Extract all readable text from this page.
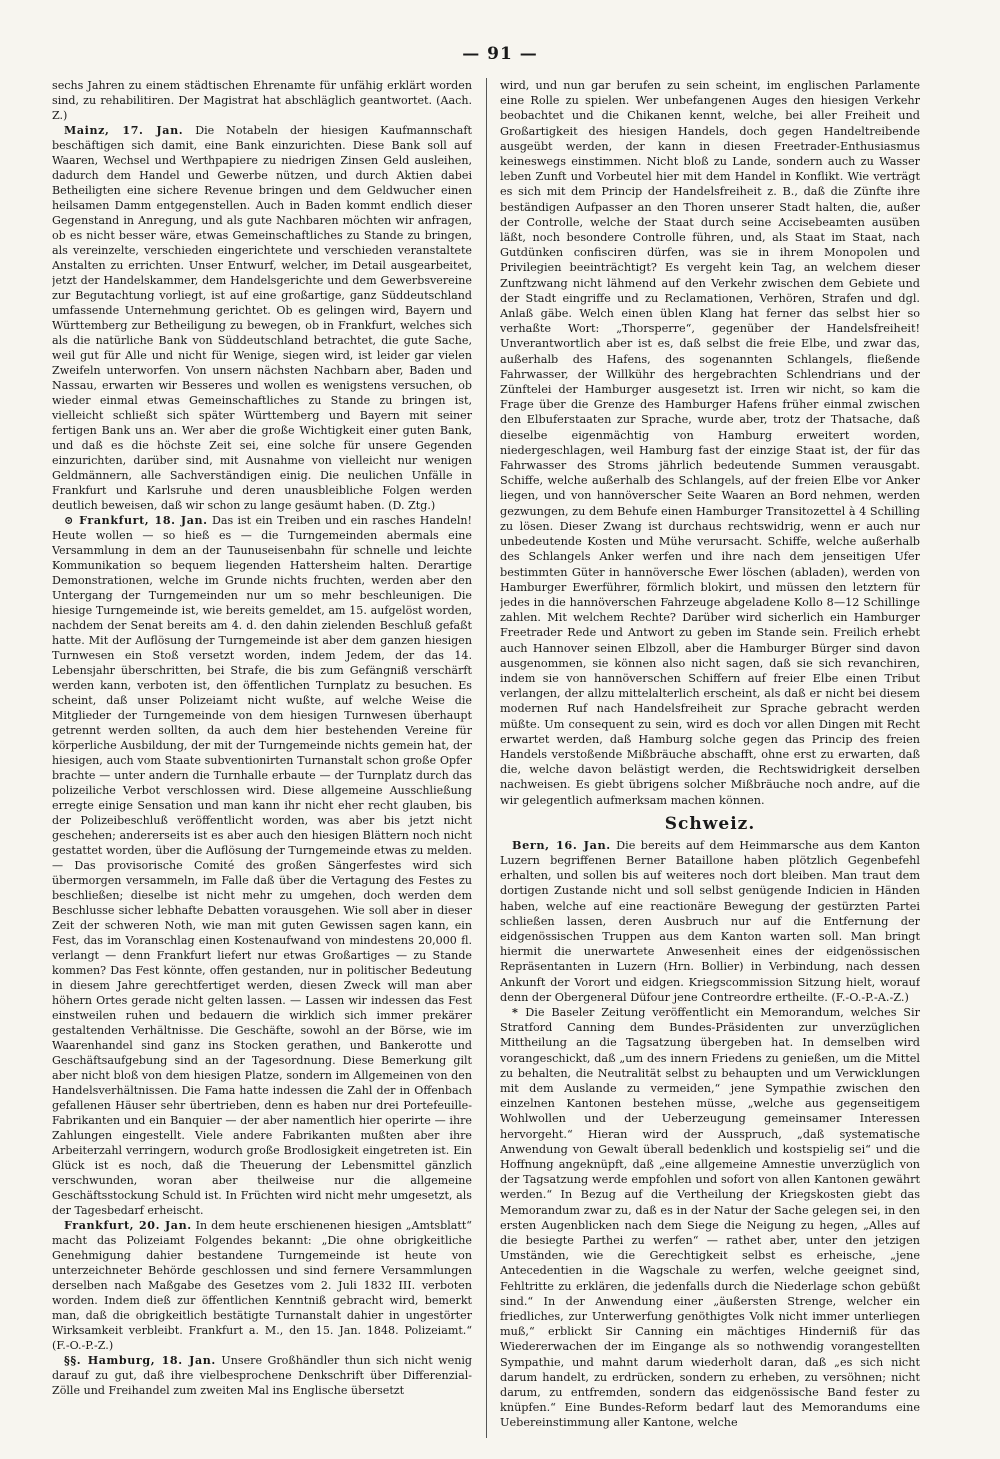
— 91 —

sechs Jahren zu einem städtischen Ehrenamte für unfähig erklärt worden sind, zu rehabilitiren. Der Magistrat hat abschläglich geantwortet. (Aach. Z.)

Mainz, 17. Jan. Die Notabeln der hiesigen Kaufmannschaft beschäftigen sich damit, eine Bank einzurichten. Diese Bank soll auf Waaren, Wechsel und Werthpapiere zu niedrigen Zinsen Geld ausleihen, dadurch dem Handel und Gewerbe nützen, und durch Aktien dabei Betheiligten eine sichere Revenue bringen und dem Geldwucher einen heilsamen Damm entgegenstellen. Auch in Baden kommt endlich dieser Gegenstand in Anregung, und als gute Nachbaren möchten wir anfragen, ob es nicht besser wäre, etwas Gemeinschaftliches zu Stande zu bringen, als vereinzelte, verschieden eingerichtete und verschieden veranstaltete Anstalten zu errichten. Unser Entwurf, welcher, im Detail ausgearbeitet, jetzt der Handelskammer, dem Handelsgerichte und dem Gewerbsvereine zur Begutachtung vorliegt, ist auf eine großartige, ganz Süddeutschland umfassende Unternehmung gerichtet. Ob es gelingen wird, Bayern und Württemberg zur Betheiligung zu bewegen, ob in Frankfurt, welches sich als die natürliche Bank von Süddeutschland betrachtet, die gute Sache, weil gut für Alle und nicht für Wenige, siegen wird, ist leider gar vielen Zweifeln unterworfen. Von unsern nächsten Nachbarn aber, Baden und Nassau, erwarten wir Besseres und wollen es wenigstens versuchen, ob wieder einmal etwas Gemeinschaftliches zu Stande zu bringen ist, vielleicht schließt sich später Württemberg und Bayern mit seiner fertigen Bank uns an. Wer aber die große Wichtigkeit einer guten Bank, und daß es die höchste Zeit sei, eine solche für unsere Gegenden einzurichten, darüber sind, mit Ausnahme von vielleicht nur wenigen Geldmännern, alle Sachverständigen einig. Die neulichen Unfälle in Frankfurt und Karlsruhe und deren unausbleibliche Folgen werden deutlich beweisen, daß wir schon zu lange gesäumt haben. (D. Ztg.)

⊙ Frankfurt, 18. Jan. Das ist ein Treiben und ein rasches Handeln! Heute wollen — so hieß es — die Turngemeinden abermals eine Versammlung in dem an der Taunuseisenbahn für schnelle und leichte Kommunikation so bequem liegenden Hattersheim halten. Derartige Demonstrationen, welche im Grunde nichts fruchten, werden aber den Untergang der Turngemeinden nur um so mehr beschleunigen. Die hiesige Turngemeinde ist, wie bereits gemeldet, am 15. aufgelöst worden, nachdem der Senat bereits am 4. d. den dahin zielenden Beschluß gefaßt hatte. Mit der Auflösung der Turngemeinde ist aber dem ganzen hiesigen Turnwesen ein Stoß versetzt worden, indem Jedem, der das 14. Lebensjahr überschritten, bei Strafe, die bis zum Gefängniß verschärft werden kann, verboten ist, den öffentlichen Turnplatz zu besuchen. Es scheint, daß unser Polizeiamt nicht wußte, auf welche Weise die Mitglieder der Turngemeinde von dem hiesigen Turnwesen überhaupt getrennt werden sollten, da auch dem hier bestehenden Vereine für körperliche Ausbildung, der mit der Turngemeinde nichts gemein hat, der hiesigen, auch vom Staate subventionirten Turnanstalt schon große Opfer brachte — unter andern die Turnhalle erbaute — der Turnplatz durch das polizeiliche Verbot verschlossen wird. Diese allgemeine Ausschließung erregte einige Sensation und man kann ihr nicht eher recht glauben, bis der Polizeibeschluß veröffentlicht worden, was aber bis jetzt nicht geschehen; andererseits ist es aber auch den hiesigen Blättern noch nicht gestattet worden, über die Auflösung der Turngemeinde etwas zu melden. — Das provisorische Comité des großen Sängerfestes wird sich übermorgen versammeln, im Falle daß über die Vertagung des Festes zu beschließen; dieselbe ist nicht mehr zu umgehen, doch werden dem Beschlusse sicher lebhafte Debatten vorausgehen. Wie soll aber in dieser Zeit der schweren Noth, wie man mit guten Gewissen sagen kann, ein Fest, das im Voranschlag einen Kostenaufwand von mindestens 20,000 fl. verlangt — denn Frankfurt liefert nur etwas Großartiges — zu Stande kommen? Das Fest könnte, offen gestanden, nur in politischer Bedeutung in diesem Jahre gerechtfertiget werden, diesen Zweck will man aber höhern Ortes gerade nicht gelten lassen. — Lassen wir indessen das Fest einstweilen ruhen und bedauern die wirklich sich immer prekärer gestaltenden Verhältnisse. Die Geschäfte, sowohl an der Börse, wie im Waarenhandel sind ganz ins Stocken gerathen, und Bankerotte und Geschäftsaufgebung sind an der Tagesordnung. Diese Bemerkung gilt aber nicht bloß von dem hiesigen Platze, sondern im Allgemeinen von den Handelsverhältnissen. Die Fama hatte indessen die Zahl der in Offenbach gefallenen Häuser sehr übertrieben, denn es haben nur drei Portefeuille-Fabrikanten und ein Banquier — der aber namentlich hier operirte — ihre Zahlungen eingestellt. Viele andere Fabrikanten mußten aber ihre Arbeiterzahl verringern, wodurch große Brodlosigkeit eingetreten ist. Ein Glück ist es noch, daß die Theuerung der Lebensmittel gänzlich verschwunden, woran aber theilweise nur die allgemeine Geschäftsstockung Schuld ist. In Früchten wird nicht mehr umgesetzt, als der Tagesbedarf erheischt.

Frankfurt, 20. Jan. In dem heute erschienenen hiesigen „Amtsblatt“ macht das Polizeiamt Folgendes bekannt: „Die ohne obrigkeitliche Genehmigung dahier bestandene Turngemeinde ist heute von unterzeichneter Behörde geschlossen und sind fernere Versammlungen derselben nach Maßgabe des Gesetzes vom 2. Juli 1832 III. verboten worden. Indem dieß zur öffentlichen Kenntniß gebracht wird, bemerkt man, daß die obrigkeitlich bestätigte Turnanstalt dahier in ungestörter Wirksamkeit verbleibt. Frankfurt a. M., den 15. Jan. 1848. Polizeiamt.“ (F.-O.-P.-Z.)

§§. Hamburg, 18. Jan. Unsere Großhändler thun sich nicht wenig darauf zu gut, daß ihre vielbesprochene Denkschrift über Differenzial-Zölle und Freihandel zum zweiten Mal ins Englische übersetzt

wird, und nun gar berufen zu sein scheint, im englischen Parlamente eine Rolle zu spielen. Wer unbefangenen Auges den hiesigen Verkehr beobachtet und die Chikanen kennt, welche, bei aller Freiheit und Großartigkeit des hiesigen Handels, doch gegen Handeltreibende ausgeübt werden, der kann in diesen Freetrader-Enthusiasmus keineswegs einstimmen. Nicht bloß zu Lande, sondern auch zu Wasser leben Zunft und Vorbeutel hier mit dem Handel in Konflikt. Wie verträgt es sich mit dem Princip der Handelsfreiheit z. B., daß die Zünfte ihre beständigen Aufpasser an den Thoren unserer Stadt halten, die, außer der Controlle, welche der Staat durch seine Accisebeamten ausüben läßt, noch besondere Controlle führen, und, als Staat im Staat, nach Gutdünken confisciren dürfen, was sie in ihrem Monopolen und Privilegien beeinträchtigt? Es vergeht kein Tag, an welchem dieser Zunftzwang nicht lähmend auf den Verkehr zwischen dem Gebiete und der Stadt eingriffe und zu Reclamationen, Verhören, Strafen und dgl. Anlaß gäbe. Welch einen üblen Klang hat ferner das selbst hier so verhaßte Wort: „Thorsperre“, gegenüber der Handelsfreiheit! Unverantwortlich aber ist es, daß selbst die freie Elbe, und zwar das, außerhalb des Hafens, des sogenannten Schlangels, fließende Fahrwasser, der Willkühr des hergebrachten Schlendrians und der Zünftelei der Hamburger ausgesetzt ist. Irren wir nicht, so kam die Frage über die Grenze des Hamburger Hafens früher einmal zwischen den Elbuferstaaten zur Sprache, wurde aber, trotz der Thatsache, daß dieselbe eigenmächtig von Hamburg erweitert worden, niedergeschlagen, weil Hamburg fast der einzige Staat ist, der für das Fahrwasser des Stroms jährlich bedeutende Summen verausgabt. Schiffe, welche außerhalb des Schlangels, auf der freien Elbe vor Anker liegen, und von hannöverscher Seite Waaren an Bord nehmen, werden gezwungen, zu dem Behufe einen Hamburger Transitozettel à 4 Schilling zu lösen. Dieser Zwang ist durchaus rechtswidrig, wenn er auch nur unbedeutende Kosten und Mühe verursacht. Schiffe, welche außerhalb des Schlangels Anker werfen und ihre nach dem jenseitigen Ufer bestimmten Güter in hannöversche Ewer löschen (abladen), werden von Hamburger Ewerführer, förmlich blokirt, und müssen den letztern für jedes in die hannöverschen Fahrzeuge abgeladene Kollo 8—12 Schillinge zahlen. Mit welchem Rechte? Darüber wird sicherlich ein Hamburger Freetrader Rede und Antwort zu geben im Stande sein. Freilich erhebt auch Hannover seinen Elbzoll, aber die Hamburger Bürger sind davon ausgenommen, sie können also nicht sagen, daß sie sich revanchiren, indem sie von hannöverschen Schiffern auf freier Elbe einen Tribut verlangen, der allzu mittelalterlich erscheint, als daß er nicht bei diesem modernen Ruf nach Handelsfreiheit zur Sprache gebracht werden müßte. Um consequent zu sein, wird es doch vor allen Dingen mit Recht erwartet werden, daß Hamburg solche gegen das Princip des freien Handels verstoßende Mißbräuche abschafft, ohne erst zu erwarten, daß die, welche davon belästigt werden, die Rechtswidrigkeit derselben nachweisen. Es giebt übrigens solcher Mißbräuche noch andre, auf die wir gelegentlich aufmerksam machen können.

Schweiz.

Bern, 16. Jan. Die bereits auf dem Heimmarsche aus dem Kanton Luzern begriffenen Berner Bataillone haben plötzlich Gegenbefehl erhalten, und sollen bis auf weiteres noch dort bleiben. Man traut dem dortigen Zustande nicht und soll selbst genügende Indicien in Händen haben, welche auf eine reactionäre Bewegung der gestürzten Partei schließen lassen, deren Ausbruch nur auf die Entfernung der eidgenössischen Truppen aus dem Kanton warten soll. Man bringt hiermit die unerwartete Anwesenheit eines der eidgenössischen Repräsentanten in Luzern (Hrn. Bollier) in Verbindung, nach dessen Ankunft der Vorort und eidgen. Kriegscommission Sitzung hielt, worauf denn der Obergeneral Düfour jene Contreordre ertheilte. (F.-O.-P.-A.-Z.)

* Die Baseler Zeitung veröffentlicht ein Memorandum, welches Sir Stratford Canning dem Bundes-Präsidenten zur unverzüglichen Mittheilung an die Tagsatzung übergeben hat. In demselben wird vorangeschickt, daß „um des innern Friedens zu genießen, um die Mittel zu behalten, die Neutralität selbst zu behaupten und um Verwicklungen mit dem Auslande zu vermeiden,“ jene Sympathie zwischen den einzelnen Kantonen bestehen müsse, „welche aus gegenseitigem Wohlwollen und der Ueberzeugung gemeinsamer Interessen hervorgeht.“ Hieran wird der Ausspruch, „daß systematische Anwendung von Gewalt überall bedenklich und kostspielig sei“ und die Hoffnung angeknüpft, daß „eine allgemeine Amnestie unverzüglich von der Tagsatzung werde empfohlen und sofort von allen Kantonen gewährt werden.“ In Bezug auf die Vertheilung der Kriegskosten giebt das Memorandum zwar zu, daß es in der Natur der Sache gelegen sei, in den ersten Augenblicken nach dem Siege die Neigung zu hegen, „Alles auf die besiegte Parthei zu werfen“ — rathet aber, unter den jetzigen Umständen, wie die Gerechtigkeit selbst es erheische, „jene Antecedentien in die Wagschale zu werfen, welche geeignet sind, Fehltritte zu erklären, die jedenfalls durch die Niederlage schon gebüßt sind.“ In der Anwendung einer „äußersten Strenge, welcher ein friedliches, zur Unterwerfung genöthigtes Volk nicht immer unterliegen muß,“ erblickt Sir Canning ein mächtiges Hinderniß für das Wiedererwachen der im Eingange als so nothwendig vorangestellten Sympathie, und mahnt darum wiederholt daran, daß „es sich nicht darum handelt, zu erdrücken, sondern zu erheben, zu versöhnen; nicht darum, zu entfremden, sondern das eidgenössische Band fester zu knüpfen.“ Eine Bundes-Reform bedarf laut des Memorandums eine Uebereinstimmung aller Kantone, welche
